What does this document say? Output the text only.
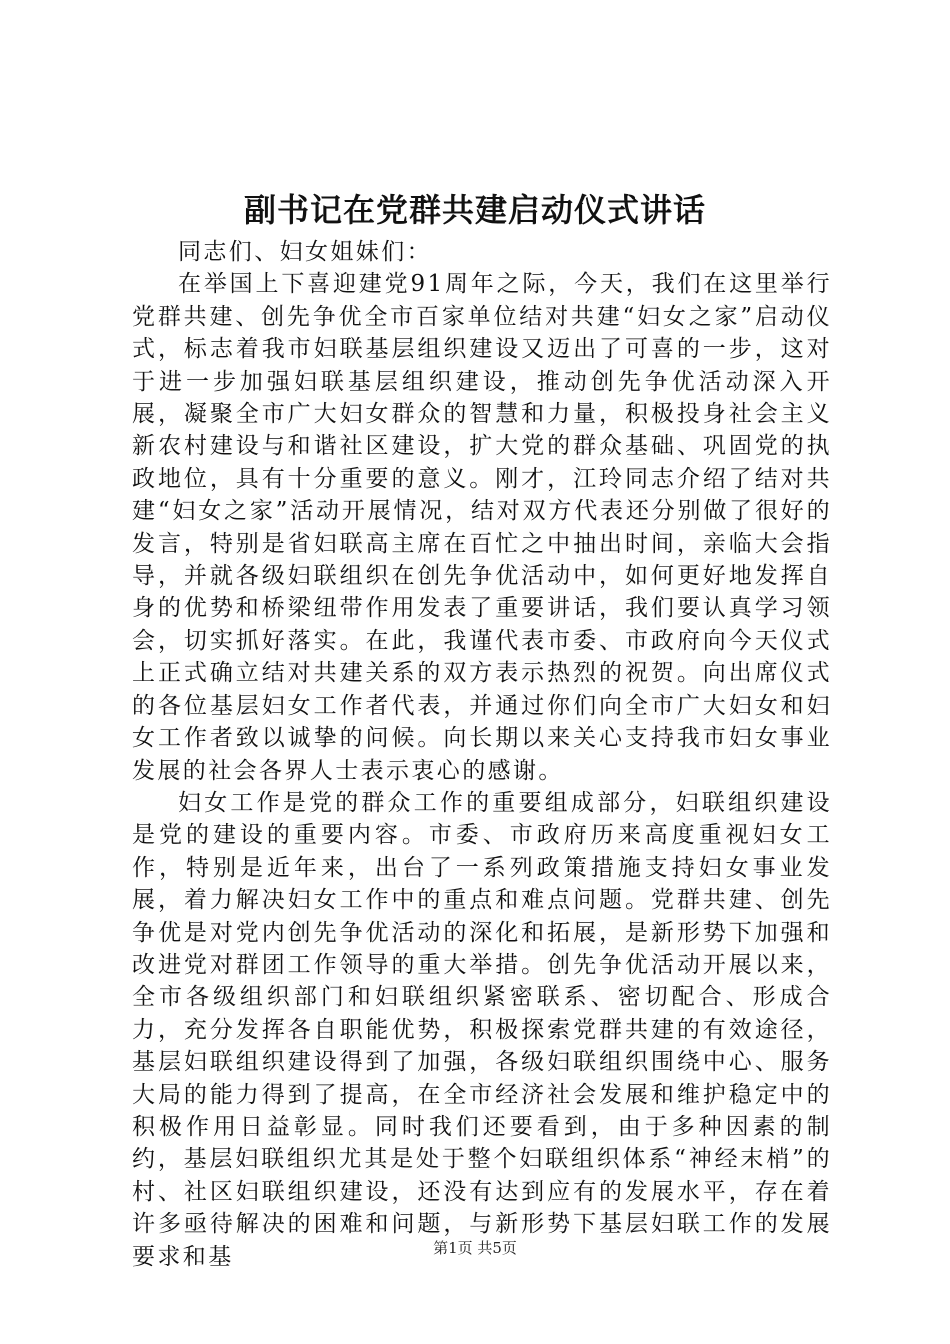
副书记在党群共建启动仪式讲话

同志们、妇女姐妹们：

在举国上下喜迎建党91周年之际，今天，我们在这里举行党群共建、创先争优全市百家单位结对共建“妇女之家”启动仪式，标志着我市妇联基层组织建设又迈出了可喜的一步，这对于进一步加强妇联基层组织建设，推动创先争优活动深入开展，凝聚全市广大妇女群众的智慧和力量，积极投身社会主义新农村建设与和谐社区建设，扩大党的群众基础、巩固党的执政地位，具有十分重要的意义。刚才，江玲同志介绍了结对共建“妇女之家”活动开展情况，结对双方代表还分别做了很好的发言，特别是省妇联高主席在百忙之中抽出时间，亲临大会指导，并就各级妇联组织在创先争优活动中，如何更好地发挥自身的优势和桥梁纽带作用发表了重要讲话，我们要认真学习领会，切实抓好落实。在此，我谨代表市委、市政府向今天仪式上正式确立结对共建关系的双方表示热烈的祝贺。向出席仪式的各位基层妇女工作者代表，并通过你们向全市广大妇女和妇女工作者致以诚挚的问候。向长期以来关心支持我市妇女事业发展的社会各界人士表示衷心的感谢。

妇女工作是党的群众工作的重要组成部分，妇联组织建设是党的建设的重要内容。市委、市政府历来高度重视妇女工作，特别是近年来，出台了一系列政策措施支持妇女事业发展，着力解决妇女工作中的重点和难点问题。党群共建、创先争优是对党内创先争优活动的深化和拓展，是新形势下加强和改进党对群团工作领导的重大举措。创先争优活动开展以来，全市各级组织部门和妇联组织紧密联系、密切配合、形成合力，充分发挥各自职能优势，积极探索党群共建的有效途径，基层妇联组织建设得到了加强，各级妇联组织围绕中心、服务大局的能力得到了提高，在全市经济社会发展和维护稳定中的积极作用日益彰显。同时我们还要看到，由于多种因素的制约，基层妇联组织尤其是处于整个妇联组织体系“神经末梢”的村、社区妇联组织建设，还没有达到应有的发展水平，存在着许多亟待解决的困难和问题，与新形势下基层妇联工作的发展要求和基	第1页 共5页
